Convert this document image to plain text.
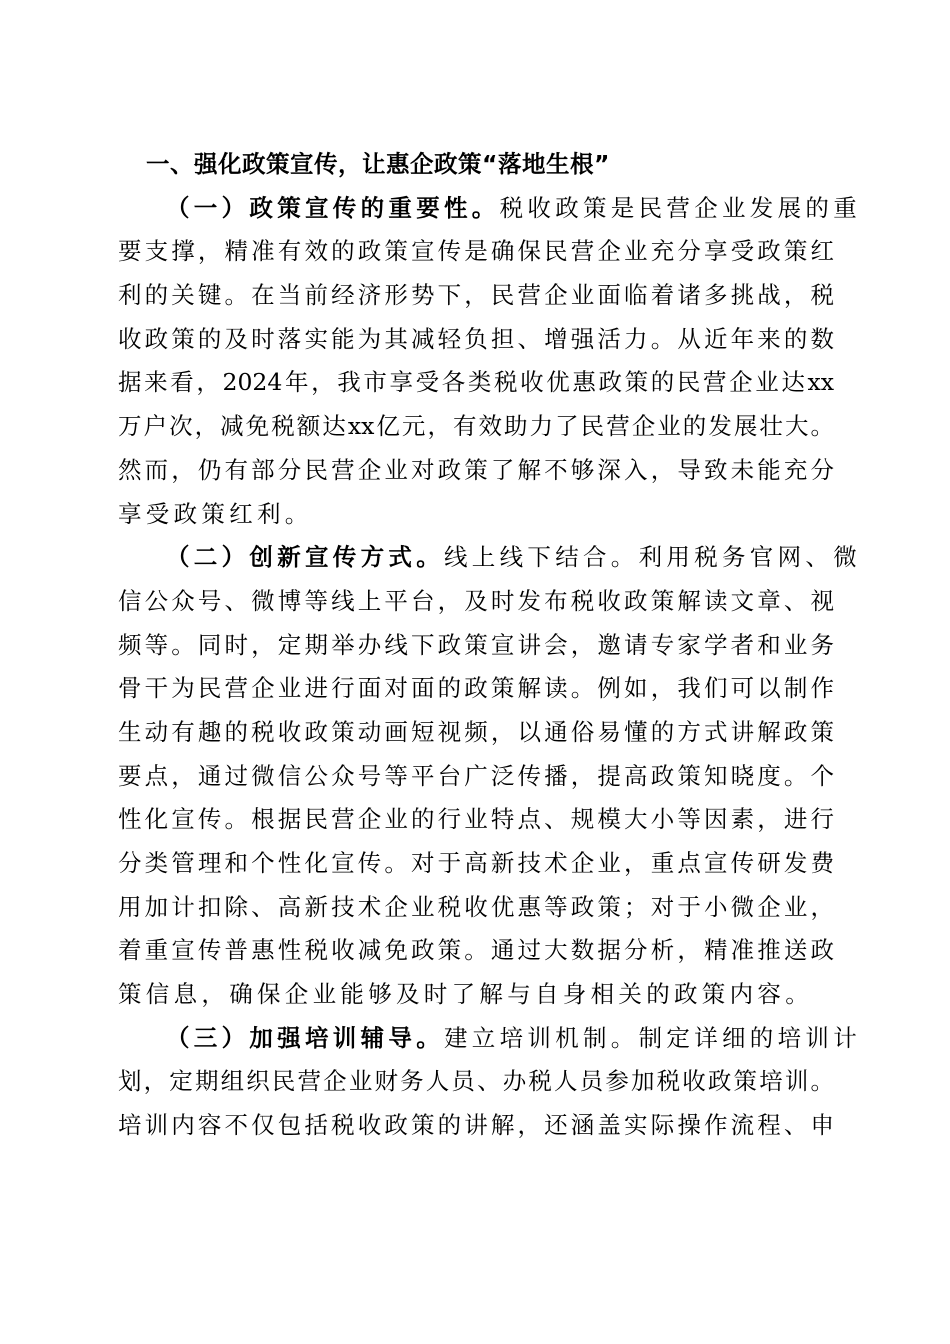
一、强化政策宣传，让惠企政策“落地生根”
（一）政策宣传的重要性。税收政策是民营企业发展的重
要支撑，精准有效的政策宣传是确保民营企业充分享受政策红
利的关键。在当前经济形势下，民营企业面临着诸多挑战，税
收政策的及时落实能为其减轻负担、增强活力。从近年来的数
据来看，2024年，我市享受各类税收优惠政策的民营企业达xx
万户次，减免税额达xx亿元，有效助力了民营企业的发展壮大。
然而，仍有部分民营企业对政策了解不够深入，导致未能充分
享受政策红利。
（二）创新宣传方式。线上线下结合。利用税务官网、微
信公众号、微博等线上平台，及时发布税收政策解读文章、视
频等。同时，定期举办线下政策宣讲会，邀请专家学者和业务
骨干为民营企业进行面对面的政策解读。例如，我们可以制作
生动有趣的税收政策动画短视频，以通俗易懂的方式讲解政策
要点，通过微信公众号等平台广泛传播，提高政策知晓度。个
性化宣传。根据民营企业的行业特点、规模大小等因素，进行
分类管理和个性化宣传。对于高新技术企业，重点宣传研发费
用加计扣除、高新技术企业税收优惠等政策；对于小微企业，
着重宣传普惠性税收减免政策。通过大数据分析，精准推送政
策信息，确保企业能够及时了解与自身相关的政策内容。
（三）加强培训辅导。建立培训机制。制定详细的培训计
划，定期组织民营企业财务人员、办税人员参加税收政策培训。
培训内容不仅包括税收政策的讲解，还涵盖实际操作流程、申
